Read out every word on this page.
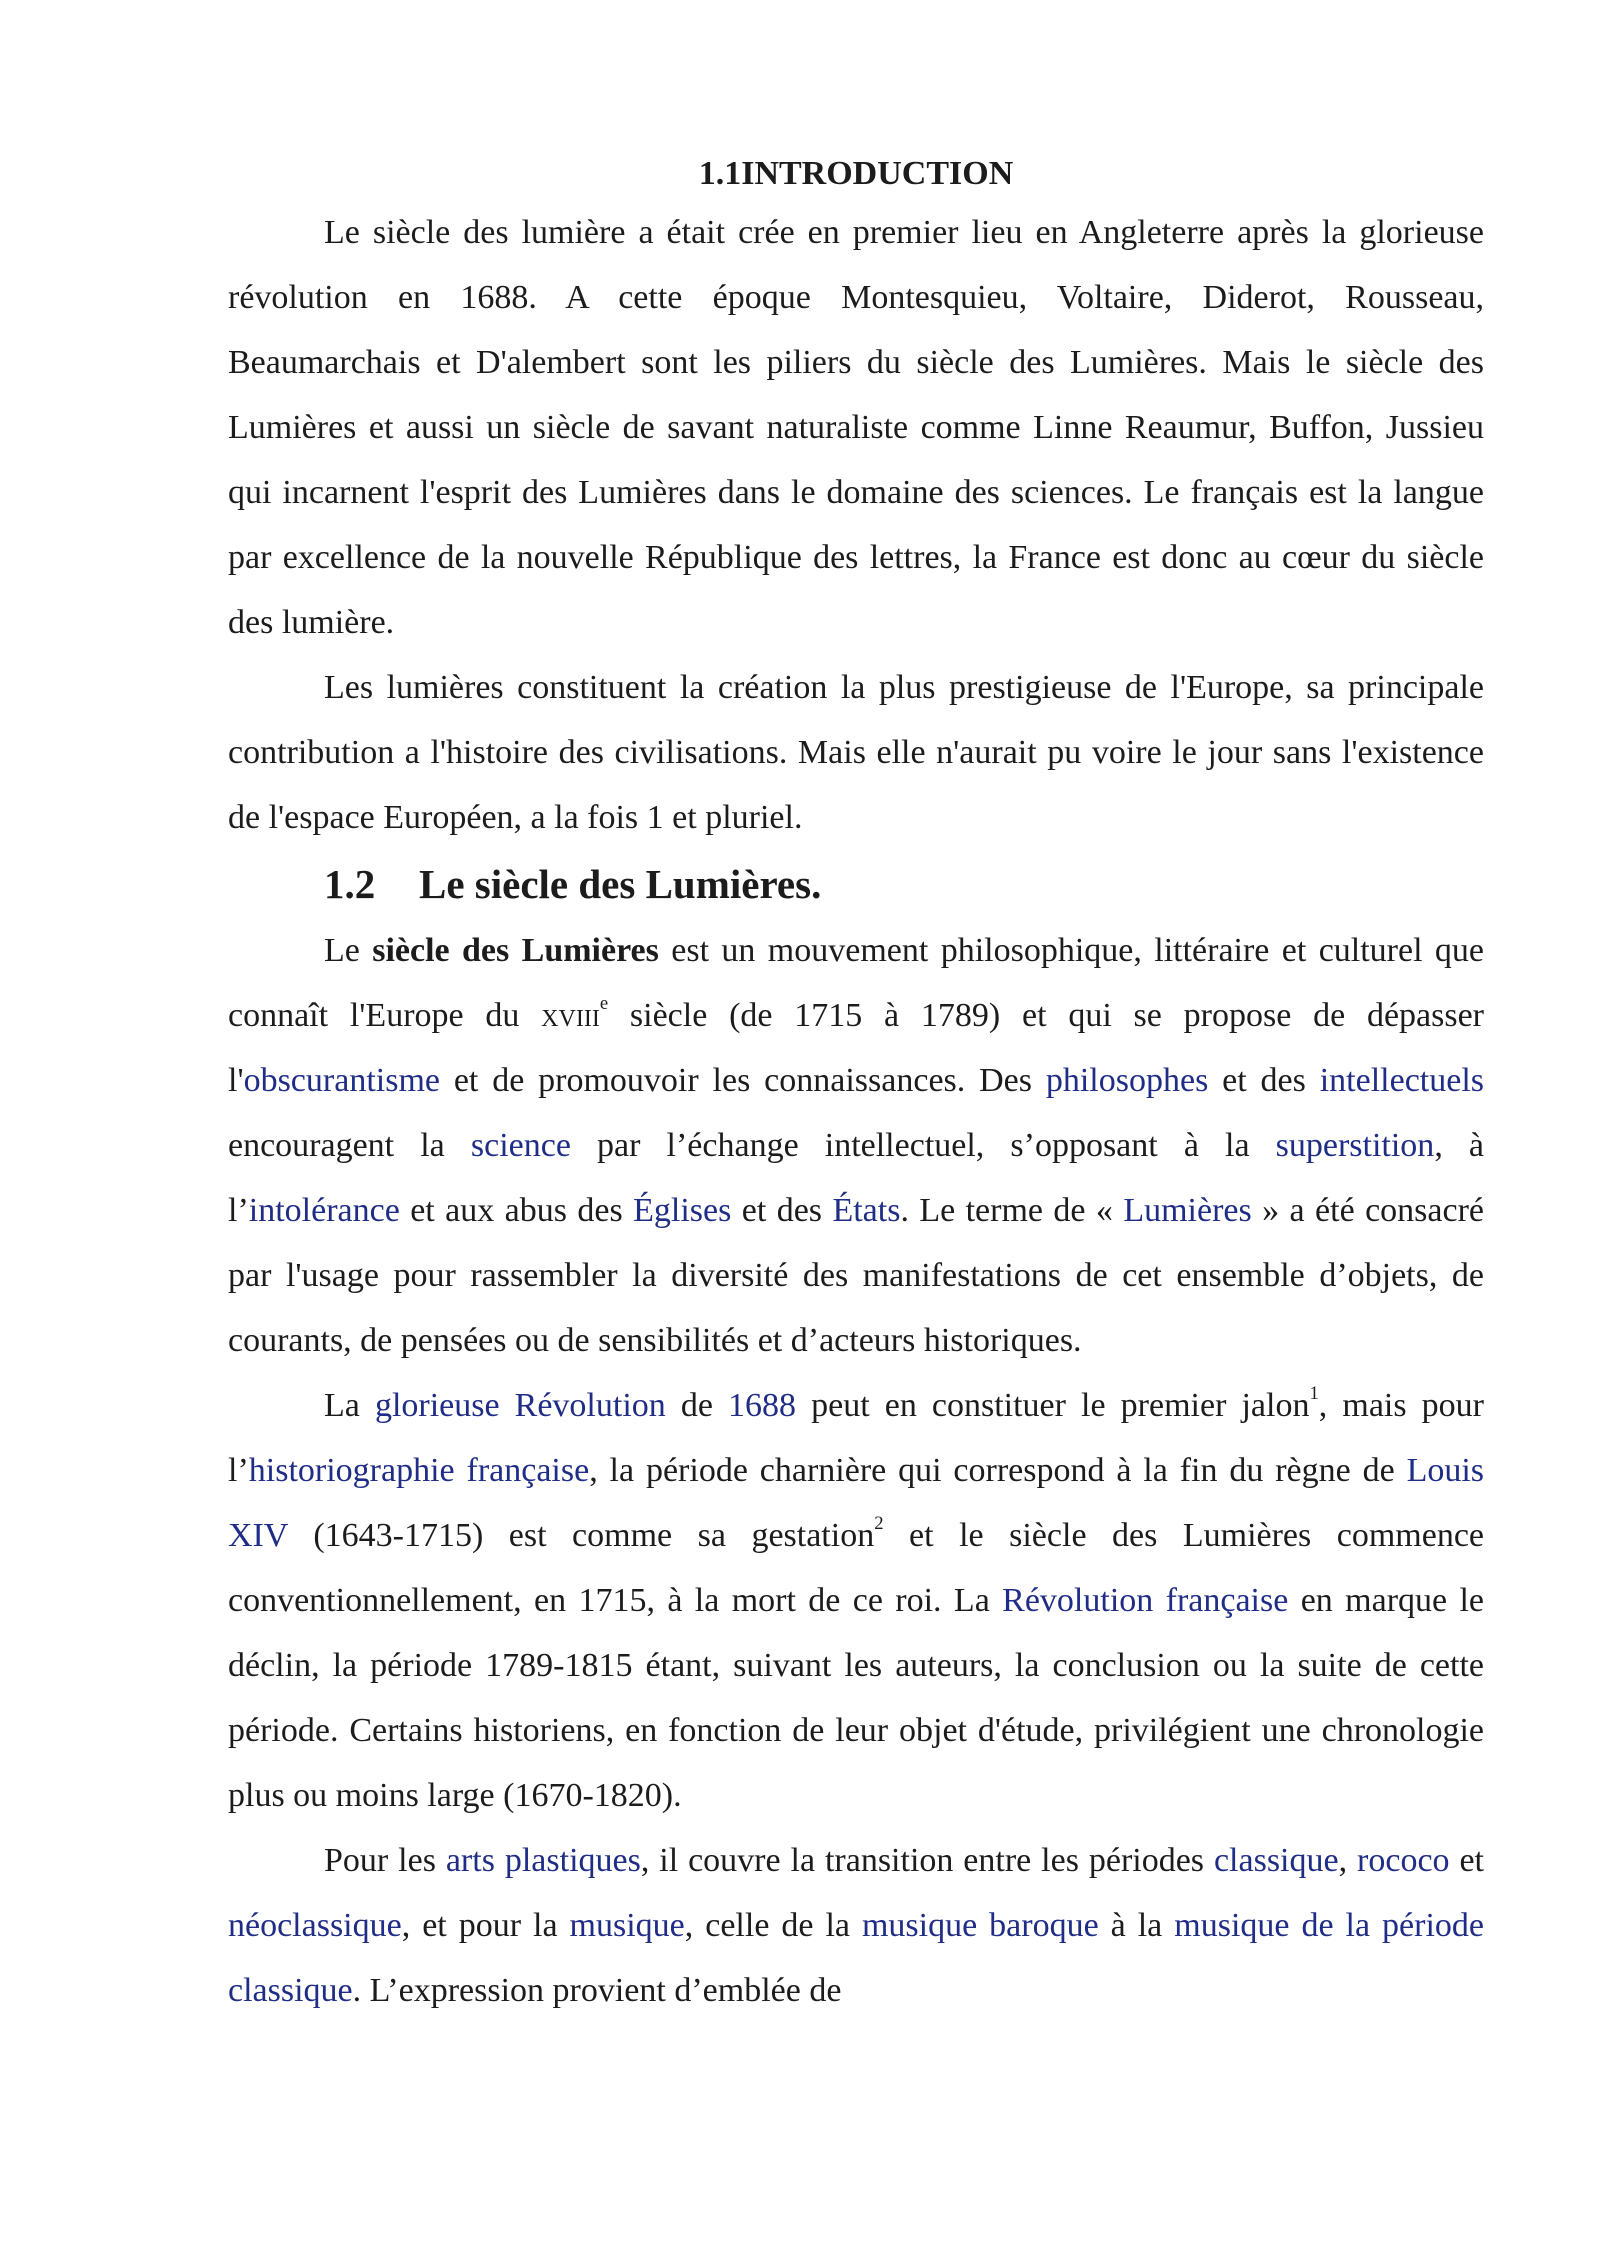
1.1INTRODUCTION

Le siècle des lumière a était crée en premier lieu en Angleterre après la glorieuse révolution en 1688. A cette époque Montesquieu, Voltaire, Diderot, Rousseau, Beaumarchais et D'alembert sont les piliers du siècle des Lumières. Mais le siècle des Lumières et aussi un siècle de savant naturaliste comme Linne Reaumur, Buffon, Jussieu qui incarnent l'esprit des Lumières dans le domaine des sciences. Le français est la langue par excellence de la nouvelle République des lettres, la France est donc au cœur du siècle des lumière.

Les lumières constituent la création la plus prestigieuse de l'Europe, sa principale contribution a l'histoire des civilisations. Mais elle n'aurait pu voire le jour sans l'existence de l'espace Européen, a la fois 1 et pluriel.

1.2 Le siècle des Lumières.

Le siècle des Lumières est un mouvement philosophique, littéraire et culturel que connaît l'Europe du xviii$^e$ siècle (de 1715 à 1789) et qui se propose de dépasser l'obscurantisme et de promouvoir les connaissances. Des philosophes et des intellectuels encouragent la science par l’échange intellectuel, s’opposant à la superstition, à l’intolérance et aux abus des Églises et des États. Le terme de « Lumières » a été consacré par l'usage pour rassembler la diversité des manifestations de cet ensemble d’objets, de courants, de pensées ou de sensibilités et d’acteurs historiques.

La glorieuse Révolution de 1688 peut en constituer le premier jalon$^1$, mais pour l’historiographie française, la période charnière qui correspond à la fin du règne de Louis XIV (1643-1715) est comme sa gestation$^2$ et le siècle des Lumières commence conventionnellement, en 1715, à la mort de ce roi. La Révolution française en marque le déclin, la période 1789-1815 étant, suivant les auteurs, la conclusion ou la suite de cette période. Certains historiens, en fonction de leur objet d'étude, privilégient une chronologie plus ou moins large (1670-1820).

Pour les arts plastiques, il couvre la transition entre les périodes classique, rococo et néoclassique, et pour la musique, celle de la musique baroque à la musique de la période classique. L’expression provient d’emblée de
